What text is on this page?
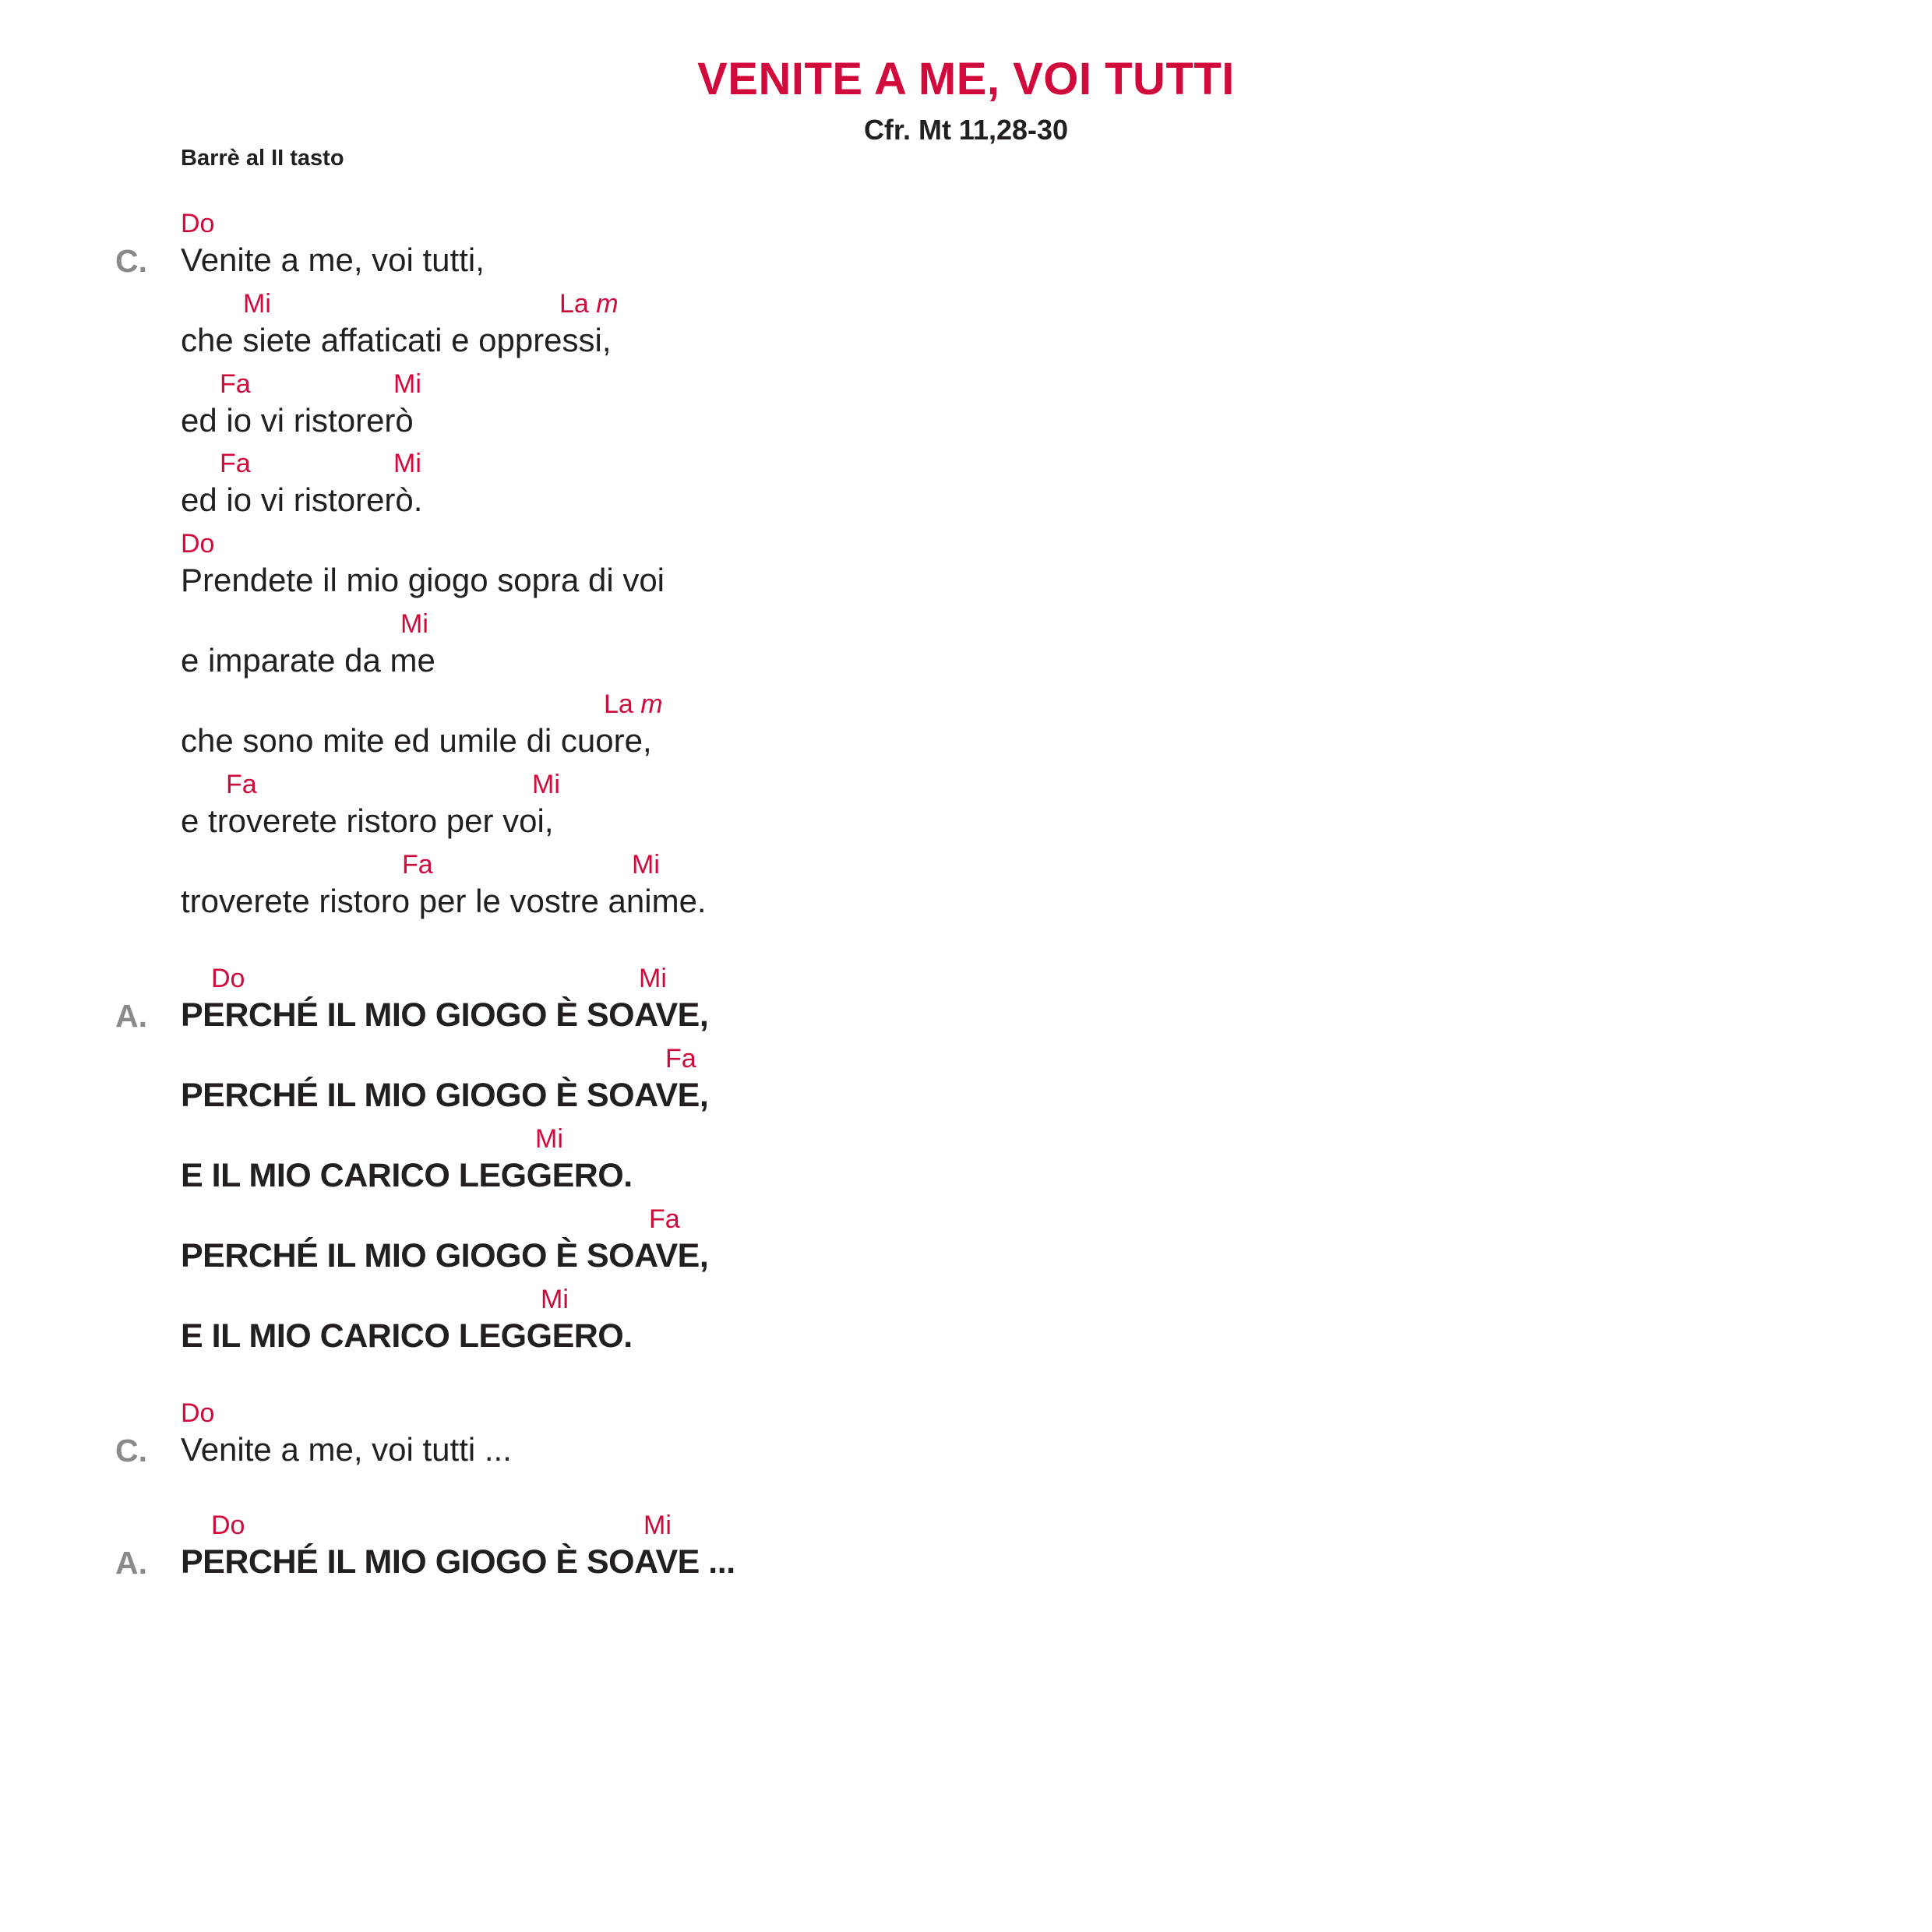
VENITE A ME, VOI TUTTI
Cfr. Mt 11,28-30
Barrè al II tasto
Do
C. Venite a me, voi tutti,
Mi	La m
che siete affaticati e oppressi,
Fa	Mi
ed io vi ristorerò
Fa	Mi
ed io vi ristorerò.
Do
Prendete il mio giogo sopra di voi
Mi
e imparate da me
La m
che sono mite ed umile di cuore,
Fa	Mi
e troverete ristoro per voi,
Fa	Mi
troverete ristoro per le vostre anime.
Do	Mi
A. PERCHÉ IL MIO GIOGO È SOAVE,
Fa
PERCHÉ IL MIO GIOGO È SOAVE,
Mi
E IL MIO CARICO LEGGERO.
Fa
PERCHÉ IL MIO GIOGO È SOAVE,
Mi
E IL MIO CARICO LEGGERO.
Do
C. Venite a me, voi tutti ...
Do	Mi
A. PERCHÉ IL MIO GIOGO È SOAVE ...
